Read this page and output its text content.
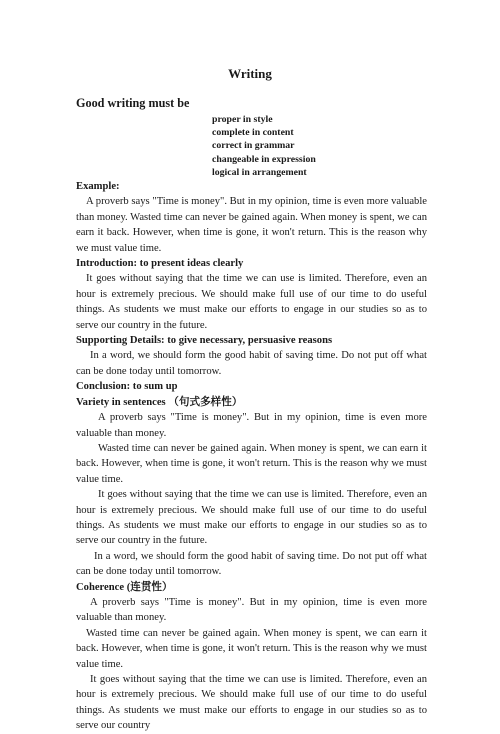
Writing
Good writing must be
proper in style
complete in content
correct in grammar
changeable in expression
logical in arrangement
Example:
A proverb says "Time is money". But in my opinion, time is even more valuable than money. Wasted time can never be gained again. When money is spent, we can earn it back. However, when time is gone, it won't return. This is the reason why we must value time.
Introduction: to present ideas clearly
It goes without saying that the time we can use is limited. Therefore, even an hour is extremely precious. We should make full use of our time to do useful things. As students we must make our efforts to engage in our studies so as to serve our country in the future.
Supporting Details: to give necessary, persuasive reasons
In a word, we should form the good habit of saving time. Do not put off what can be done today until tomorrow.
Conclusion: to sum up
Variety in sentences （句式多样性）
A proverb says "Time is money". But in my opinion, time is even more valuable than money.
Wasted time can never be gained again. When money is spent, we can earn it back. However, when time is gone, it won't return. This is the reason why we must value time.
It goes without saying that the time we can use is limited. Therefore, even an hour is extremely precious. We should make full use of our time to do useful things. As students we must make our efforts to engage in our studies so as to serve our country in the future.
In a word, we should form the good habit of saving time. Do not put off what can be done today until tomorrow.
Coherence (连贯性）
A proverb says "Time is money". But in my opinion, time is even more valuable than money.
Wasted time can never be gained again. When money is spent, we can earn it back. However, when time is gone, it won't return. This is the reason why we must value time.
It goes without saying that the time we can use is limited. Therefore, even an hour is extremely precious. We should make full use of our time to do useful things. As students we must make our efforts to engage in our studies so as to serve our country
